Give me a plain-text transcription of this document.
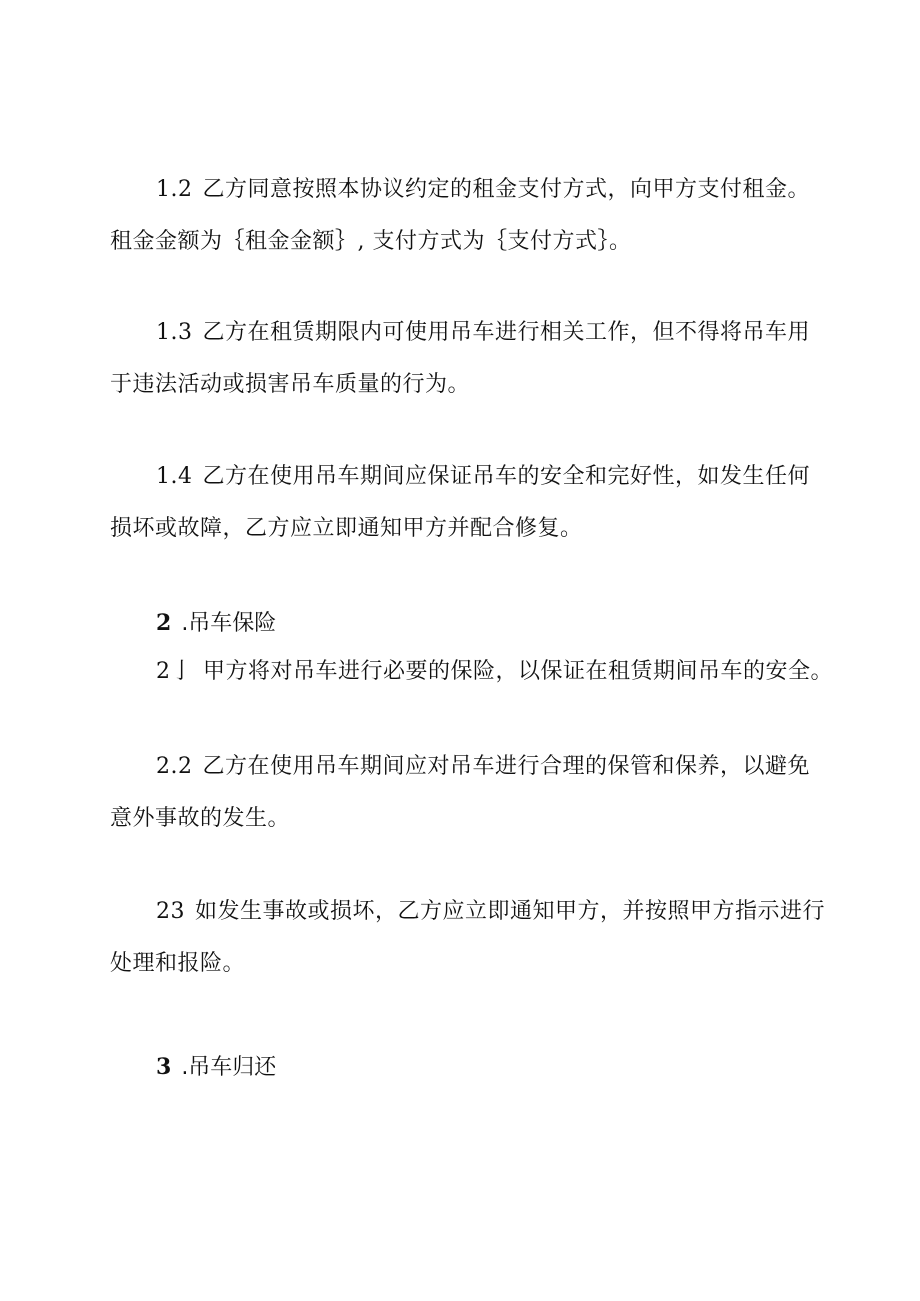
1.2 乙方同意按照本协议约定的租金支付方式，向甲方支付租金。
租金金额为｛租金金额｝, 支付方式为｛支付方式｝。
1.3 乙方在租赁期限内可使用吊车进行相关工作，但不得将吊车用
于违法活动或损害吊车质量的行为。
1.4 乙方在使用吊车期间应保证吊车的安全和完好性，如发生任何
损坏或故障，乙方应立即通知甲方并配合修复。
2 .吊车保险
2亅 甲方将对吊车进行必要的保险，以保证在租赁期间吊车的安全。
2.2 乙方在使用吊车期间应对吊车进行合理的保管和保养，以避免
意外事故的发生。
23 如发生事故或损坏，乙方应立即通知甲方，并按照甲方指示进行
处理和报险。
3 .吊车归还
